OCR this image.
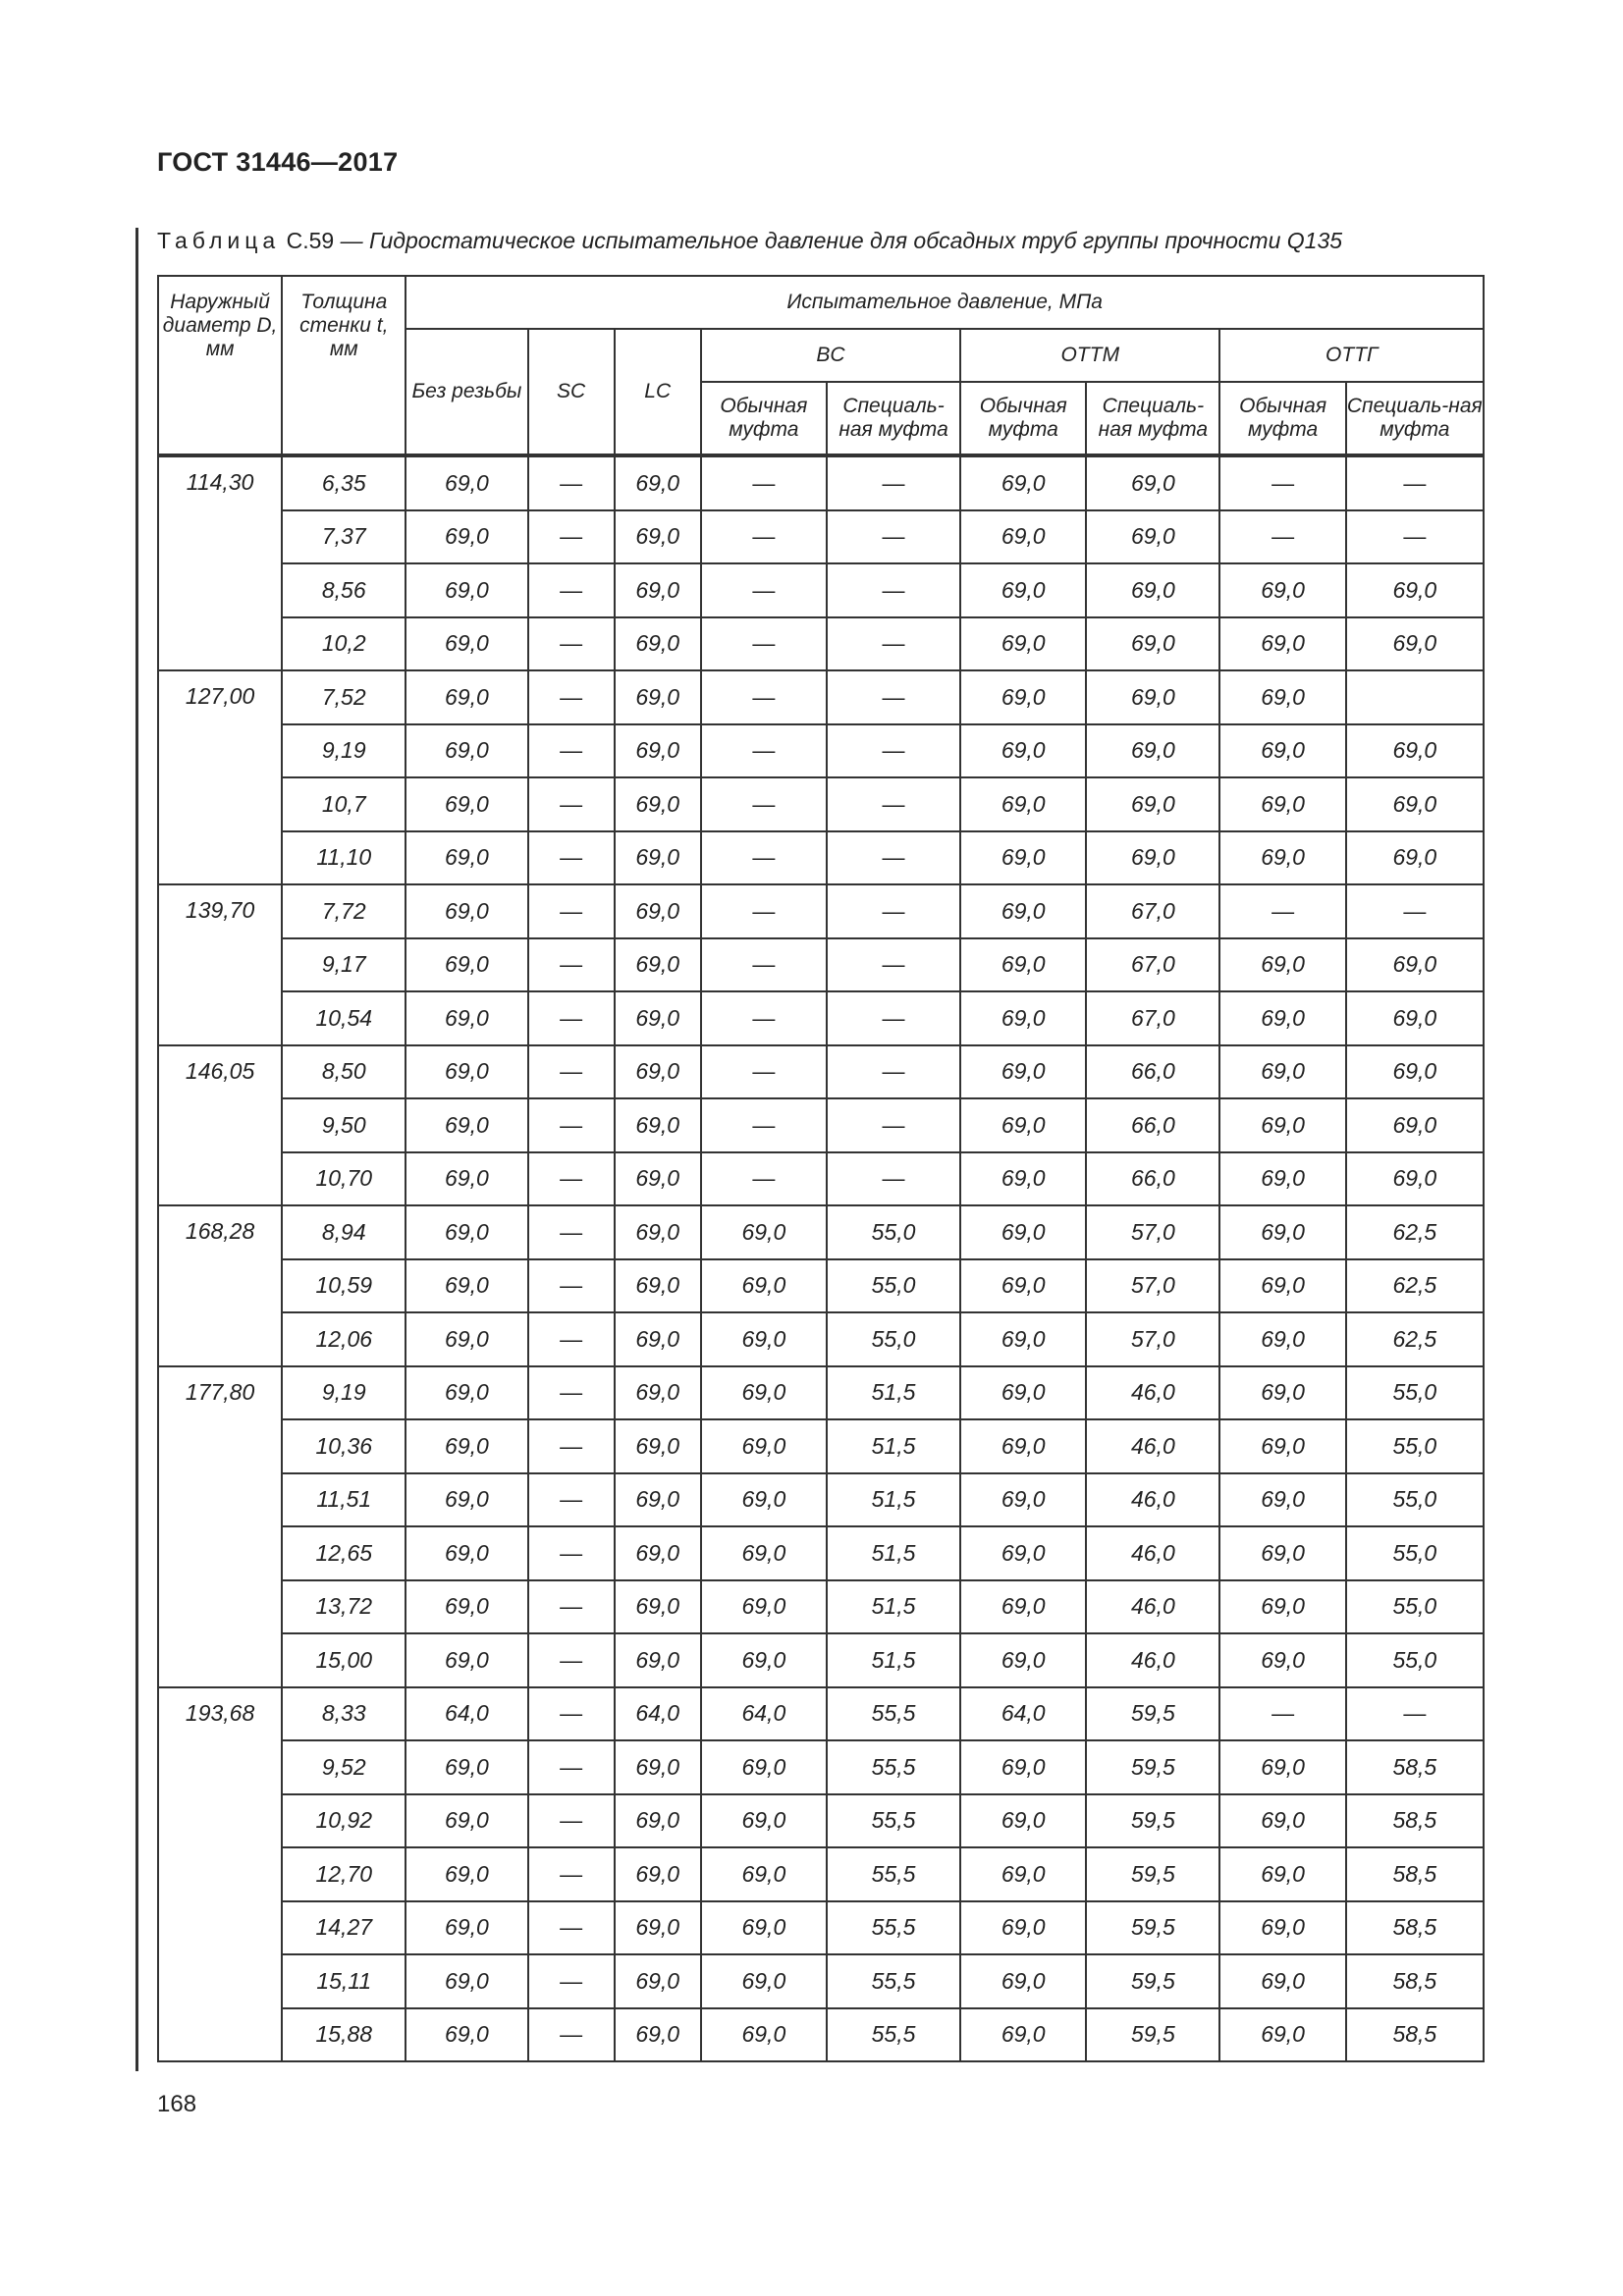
ГОСТ 31446—2017
Таблица C.59 — Гидростатическое испытательное давление для обсадных труб группы прочности Q135
Наружный диаметр D, мм	Толщина стенки t, мм	Испытательное давление, МПа								
		Без резьбы	SC	LC	BC		ОТТМ		ОТТГ	
					Обычная муфта	Специаль-ная муфта	Обычная муфта	Специаль-ная муфта	Обычная муфта	Специаль-ная муфта
114,30	6,35	69,0	—	69,0	—	—	69,0	69,0	—	—
	7,37	69,0	—	69,0	—	—	69,0	69,0	—	—
	8,56	69,0	—	69,0	—	—	69,0	69,0	69,0	69,0
	10,2	69,0	—	69,0	—	—	69,0	69,0	69,0	69,0
127,00	7,52	69,0	—	69,0	—	—	69,0	69,0	69,0	
	9,19	69,0	—	69,0	—	—	69,0	69,0	69,0	69,0
	10,7	69,0	—	69,0	—	—	69,0	69,0	69,0	69,0
	11,10	69,0	—	69,0	—	—	69,0	69,0	69,0	69,0
139,70	7,72	69,0	—	69,0	—	—	69,0	67,0	—	—
	9,17	69,0	—	69,0	—	—	69,0	67,0	69,0	69,0
	10,54	69,0	—	69,0	—	—	69,0	67,0	69,0	69,0
146,05	8,50	69,0	—	69,0	—	—	69,0	66,0	69,0	69,0
	9,50	69,0	—	69,0	—	—	69,0	66,0	69,0	69,0
	10,70	69,0	—	69,0	—	—	69,0	66,0	69,0	69,0
168,28	8,94	69,0	—	69,0	69,0	55,0	69,0	57,0	69,0	62,5
	10,59	69,0	—	69,0	69,0	55,0	69,0	57,0	69,0	62,5
	12,06	69,0	—	69,0	69,0	55,0	69,0	57,0	69,0	62,5
177,80	9,19	69,0	—	69,0	69,0	51,5	69,0	46,0	69,0	55,0
	10,36	69,0	—	69,0	69,0	51,5	69,0	46,0	69,0	55,0
	11,51	69,0	—	69,0	69,0	51,5	69,0	46,0	69,0	55,0
	12,65	69,0	—	69,0	69,0	51,5	69,0	46,0	69,0	55,0
	13,72	69,0	—	69,0	69,0	51,5	69,0	46,0	69,0	55,0
	15,00	69,0	—	69,0	69,0	51,5	69,0	46,0	69,0	55,0
193,68	8,33	64,0	—	64,0	64,0	55,5	64,0	59,5	—	—
	9,52	69,0	—	69,0	69,0	55,5	69,0	59,5	69,0	58,5
	10,92	69,0	—	69,0	69,0	55,5	69,0	59,5	69,0	58,5
	12,70	69,0	—	69,0	69,0	55,5	69,0	59,5	69,0	58,5
	14,27	69,0	—	69,0	69,0	55,5	69,0	59,5	69,0	58,5
	15,11	69,0	—	69,0	69,0	55,5	69,0	59,5	69,0	58,5
	15,88	69,0	—	69,0	69,0	55,5	69,0	59,5	69,0	58,5
168
